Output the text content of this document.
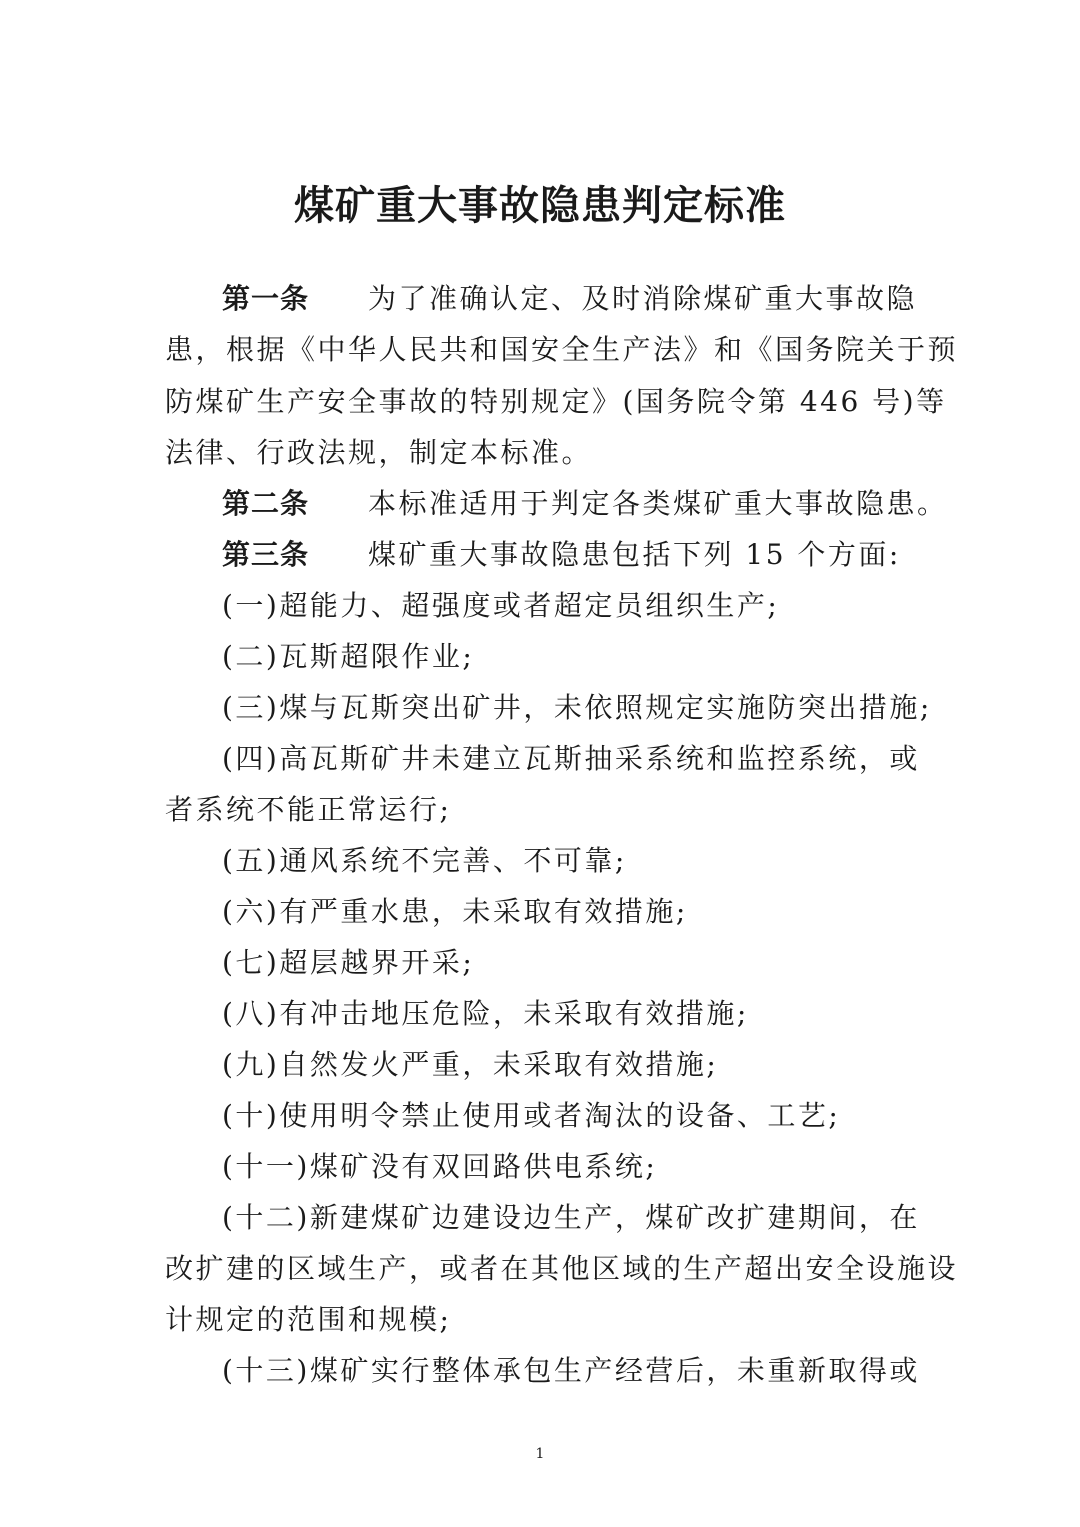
煤矿重大事故隐患判定标准

第一条 为了准确认定、及时消除煤矿重大事故隐

患，根据《中华人民共和国安全生产法》和《国务院关于预

防煤矿生产安全事故的特别规定》(国务院令第 446 号)等

法律、行政法规，制定本标准。

第二条 本标准适用于判定各类煤矿重大事故隐患。

第三条 煤矿重大事故隐患包括下列 15 个方面:

(一)超能力、超强度或者超定员组织生产;

(二)瓦斯超限作业;

(三)煤与瓦斯突出矿井，未依照规定实施防突出措施;

(四)高瓦斯矿井未建立瓦斯抽采系统和监控系统，或

者系统不能正常运行;

(五)通风系统不完善、不可靠;

(六)有严重水患，未采取有效措施;

(七)超层越界开采;

(八)有冲击地压危险，未采取有效措施;

(九)自然发火严重，未采取有效措施;

(十)使用明令禁止使用或者淘汰的设备、工艺;

(十一)煤矿没有双回路供电系统;

(十二)新建煤矿边建设边生产，煤矿改扩建期间，在

改扩建的区域生产，或者在其他区域的生产超出安全设施设

计规定的范围和规模;

(十三)煤矿实行整体承包生产经营后，未重新取得或

1
